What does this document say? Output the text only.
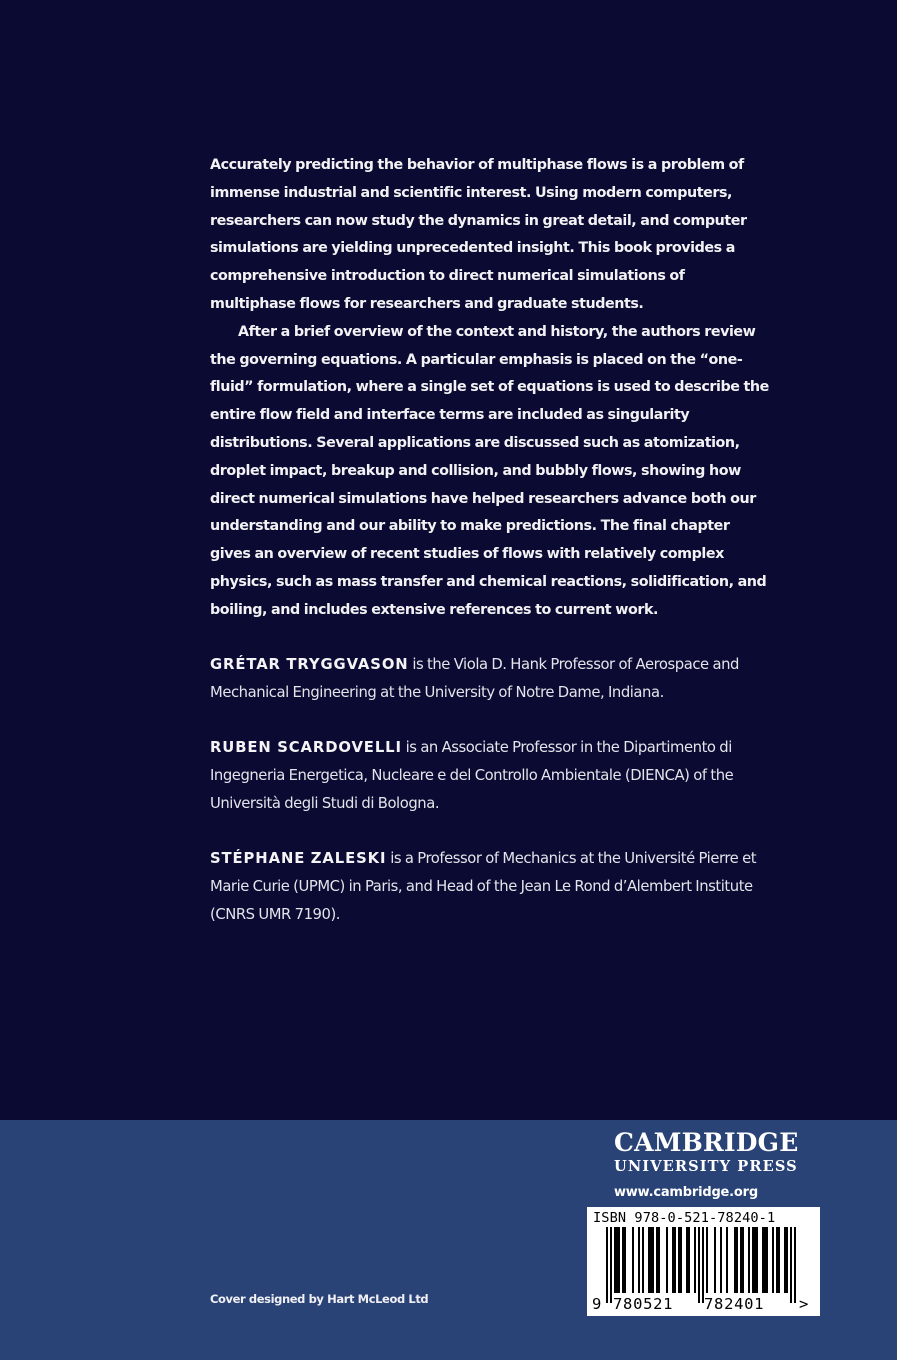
Accurately predicting the behavior of multiphase flows is a problem of immense industrial and scientific interest. Using modern computers, researchers can now study the dynamics in great detail, and computer simulations are yielding unprecedented insight. This book provides a comprehensive introduction to direct numerical simulations of multiphase flows for researchers and graduate students.

After a brief overview of the context and history, the authors review the governing equations. A particular emphasis is placed on the “one-fluid” formulation, where a single set of equations is used to describe the entire flow field and interface terms are included as singularity distributions. Several applications are discussed such as atomization, droplet impact, breakup and collision, and bubbly flows, showing how direct numerical simulations have helped researchers advance both our understanding and our ability to make predictions. The final chapter gives an overview of recent studies of flows with relatively complex physics, such as mass transfer and chemical reactions, solidification, and boiling, and includes extensive references to current work.

GRÉTAR TRYGGVASON is the Viola D. Hank Professor of Aerospace and Mechanical Engineering at the University of Notre Dame, Indiana.
RUBEN SCARDOVELLI is an Associate Professor in the Dipartimento di Ingegneria Energetica, Nucleare e del Controllo Ambientale (DIENCA) of the Università degli Studi di Bologna.
STÉPHANE ZALESKI is a Professor of Mechanics at the Université Pierre et Marie Curie (UPMC) in Paris, and Head of the Jean Le Rond d’Alembert Institute (CNRS UMR 7190).
Cover designed by Hart McLeod Ltd
CAMBRIDGE
UNIVERSITY PRESS
www.cambridge.org
ISBN 978-0-521-78240-1
9 780521 782401 >
